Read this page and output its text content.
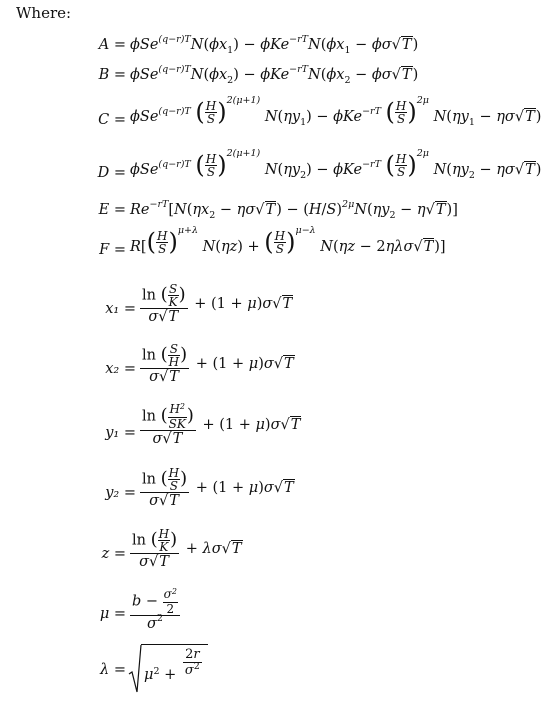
Where:
$A = \phi Se^{(q-r)T}N(\phi x_1) - \phi Ke^{-rT}N(\phi x_1 - \phi\sigma√T)$
$B = \phi Se^{(q-r)T}N(\phi x_2) - \phi Ke^{-rT}N(\phi x_2 - \phi\sigma√T)$
C = ϕSe$^{(q-r)T}$ ( $\frac{H}{S} )^{2(\mu+1)}$ $N(\eta y_1) - \phi Ke^{-rT}$ ( $\frac{H}{S} )^{2\mu}$ $N(\eta y_1 - \eta\sigma√T)$
D = ϕSe$^{(q-r)T}$ ( $\frac{H}{S} )^{2(\mu+1)}$ $N(\eta y_2) - \phi Ke^{-rT}$ ( $\frac{H}{S} )^{2\mu}$ $N(\eta y_2 - \eta\sigma√T)$
$E = Re^{-rT}[N(\eta x_2 - \eta\sigma√T) - (H/S)^{2\mu}N(\eta y_2 - \eta√T)]$
$F = R[( \frac{H}{S} )^{\mu+\lambda}$ N(ηz) + ( $\frac{H}{S} )^{\mu-\lambda}$ N(ηz − 2ηλσ√T)]
$x_1 = \frac{\ln ( \frac{S}{K} )}{\sigma√T} + (1 + \mu)\sigma√T$
$x_2 = \frac{\ln ( \frac{S}{H} )}{\sigma√T} + (1 + \mu)\sigma√T$
$y_1 = \frac{\ln ( \frac{H^2}{SK} )}{\sigma√T} + (1 + \mu)\sigma√T$
$y_2 = \frac{\ln ( \frac{H}{S} )}{\sigma√T} + (1 + \mu)\sigma√T$
$z = \frac{\ln ( \frac{H}{K} )}{\sigma√T} + \lambda\sigma√T$
$\mu = \frac{b - \frac{\sigma^2}{2}}{\sigma^2}$
$\lambda = \mu^2 + \frac{2r}{\sigma^2}$
